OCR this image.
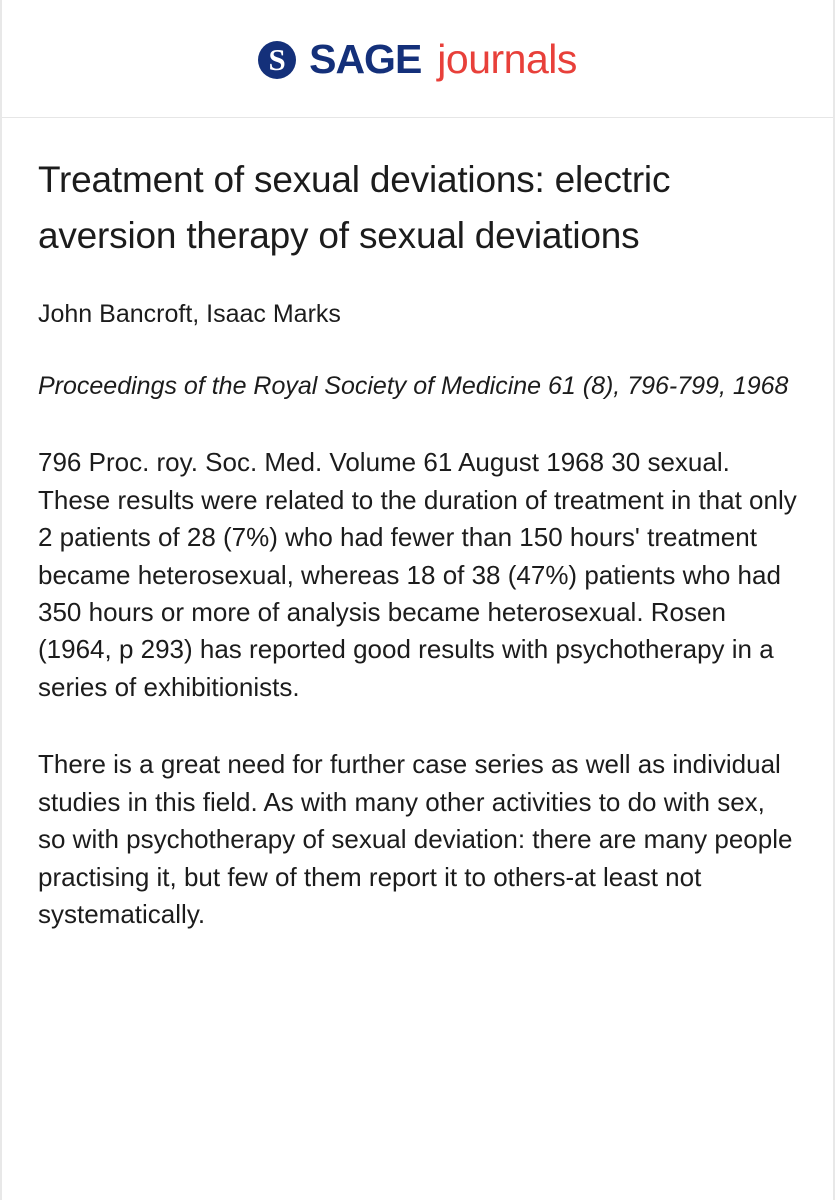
S SAGE journals
Treatment of sexual deviations: electric aversion therapy of sexual deviations
John Bancroft, Isaac Marks
Proceedings of the Royal Society of Medicine 61 (8), 796-799, 1968

796 Proc. roy. Soc. Med. Volume 61 August 1968 30 sexual. These results were related to the duration of treatment in that only 2 patients of 28 (7%) who had fewer than 150 hours' treatment became heterosexual, whereas 18 of 38 (47%) patients who had 350 hours or more of analysis became heterosexual. Rosen (1964, p 293) has reported good results with psychotherapy in a series of exhibitionists.

There is a great need for further case series as well as individual studies in this field. As with many other activities to do with sex, so with psychotherapy of sexual deviation: there are many people practising it, but few of them report it to others-at least not systematically.
